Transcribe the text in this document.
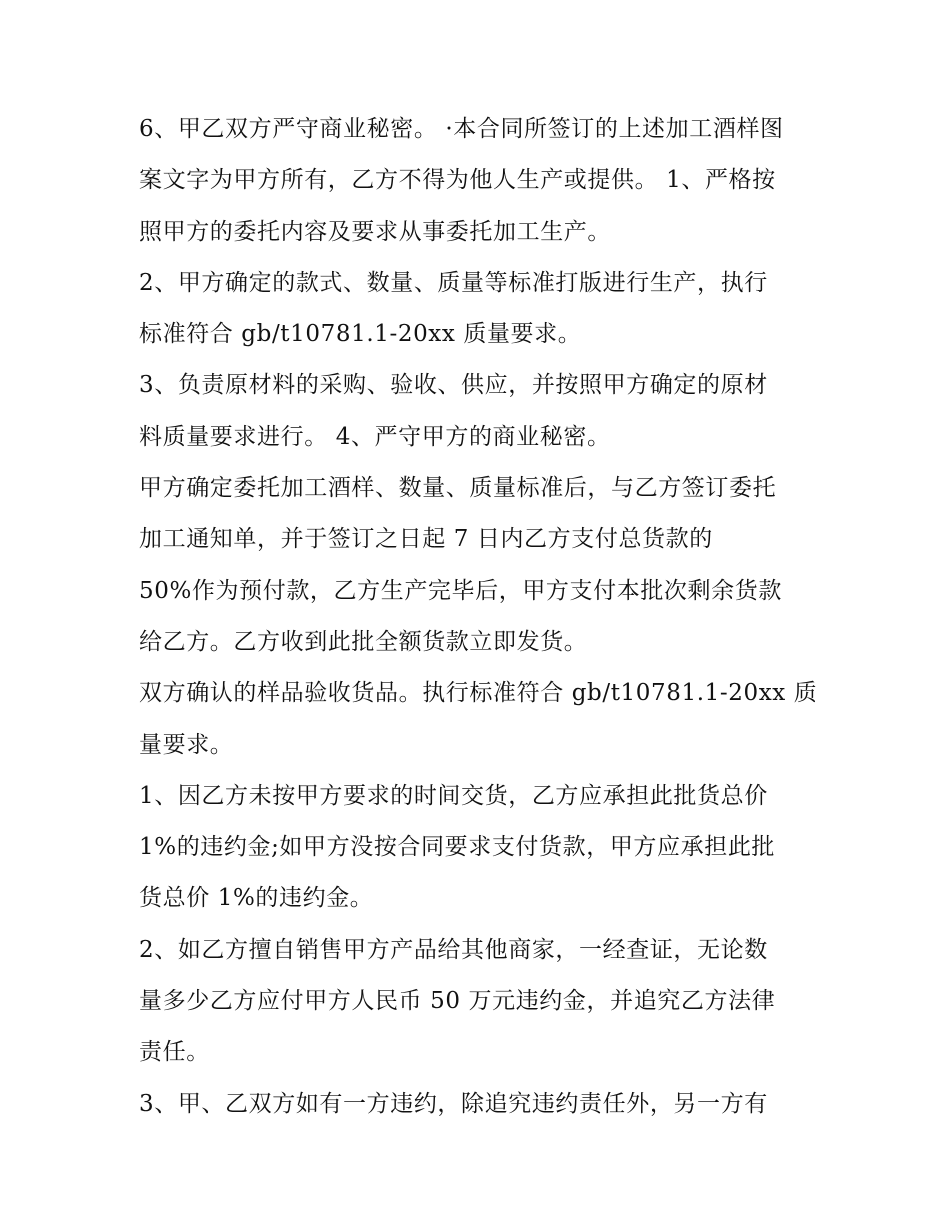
6、甲乙双方严守商业秘密。 ·本合同所签订的上述加工酒样图
案文字为甲方所有，乙方不得为他人生产或提供。 1、严格按
照甲方的委托内容及要求从事委托加工生产。
2、甲方确定的款式、数量、质量等标准打版进行生产，执行
标准符合 gb/t10781.1-20xx 质量要求。
3、负责原材料的采购、验收、供应，并按照甲方确定的原材
料质量要求进行。 4、严守甲方的商业秘密。
甲方确定委托加工酒样、数量、质量标准后，与乙方签订委托
加工通知单，并于签订之日起 7 日内乙方支付总货款的
50%作为预付款，乙方生产完毕后，甲方支付本批次剩余货款
给乙方。乙方收到此批全额货款立即发货。
双方确认的样品验收货品。执行标准符合 gb/t10781.1-20xx 质
量要求。
1、因乙方未按甲方要求的时间交货，乙方应承担此批货总价
1%的违约金;如甲方没按合同要求支付货款，甲方应承担此批
货总价 1%的违约金。
2、如乙方擅自销售甲方产品给其他商家，一经查证，无论数
量多少乙方应付甲方人民币 50 万元违约金，并追究乙方法律
责任。
3、甲、乙双方如有一方违约，除追究违约责任外，另一方有
